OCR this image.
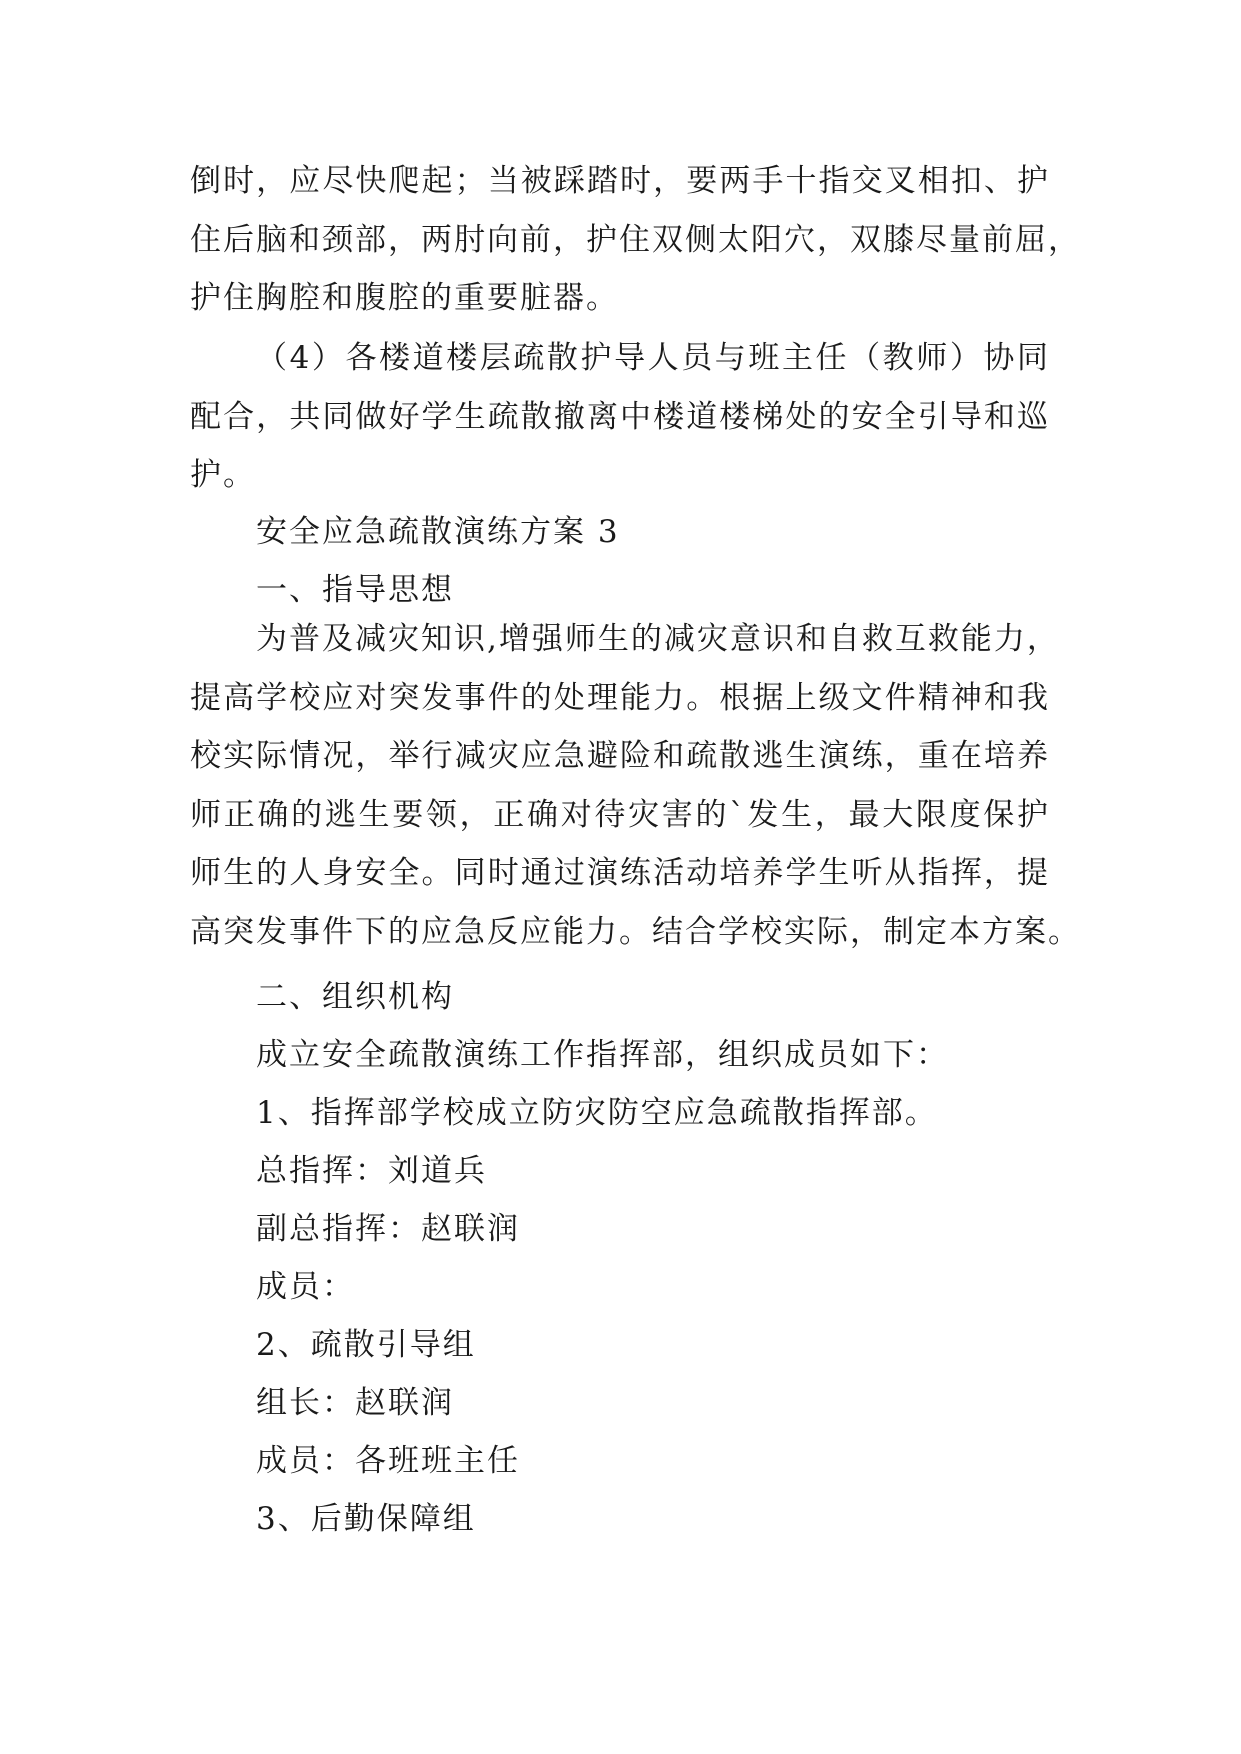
倒时，应尽快爬起；当被踩踏时，要两手十指交叉相扣、护
住后脑和颈部，两肘向前，护住双侧太阳穴，双膝尽量前屈，
护住胸腔和腹腔的重要脏器。
（4）各楼道楼层疏散护导人员与班主任（教师）协同
配合，共同做好学生疏散撤离中楼道楼梯处的安全引导和巡
护。

安全应急疏散演练方案 3

一、指导思想

为普及减灾知识,增强师生的减灾意识和自救互救能力，
提高学校应对突发事件的处理能力。根据上级文件精神和我
校实际情况，举行减灾应急避险和疏散逃生演练，重在培养
师正确的逃生要领，正确对待灾害的`发生，最大限度保护
师生的人身安全。同时通过演练活动培养学生听从指挥，提
高突发事件下的应急反应能力。结合学校实际，制定本方案。

二、组织机构

成立安全疏散演练工作指挥部，组织成员如下：

1、指挥部学校成立防灾防空应急疏散指挥部。

总指挥：刘道兵

副总指挥：赵联润

成员：

2、疏散引导组

组长：赵联润

成员：各班班主任

3、后勤保障组
